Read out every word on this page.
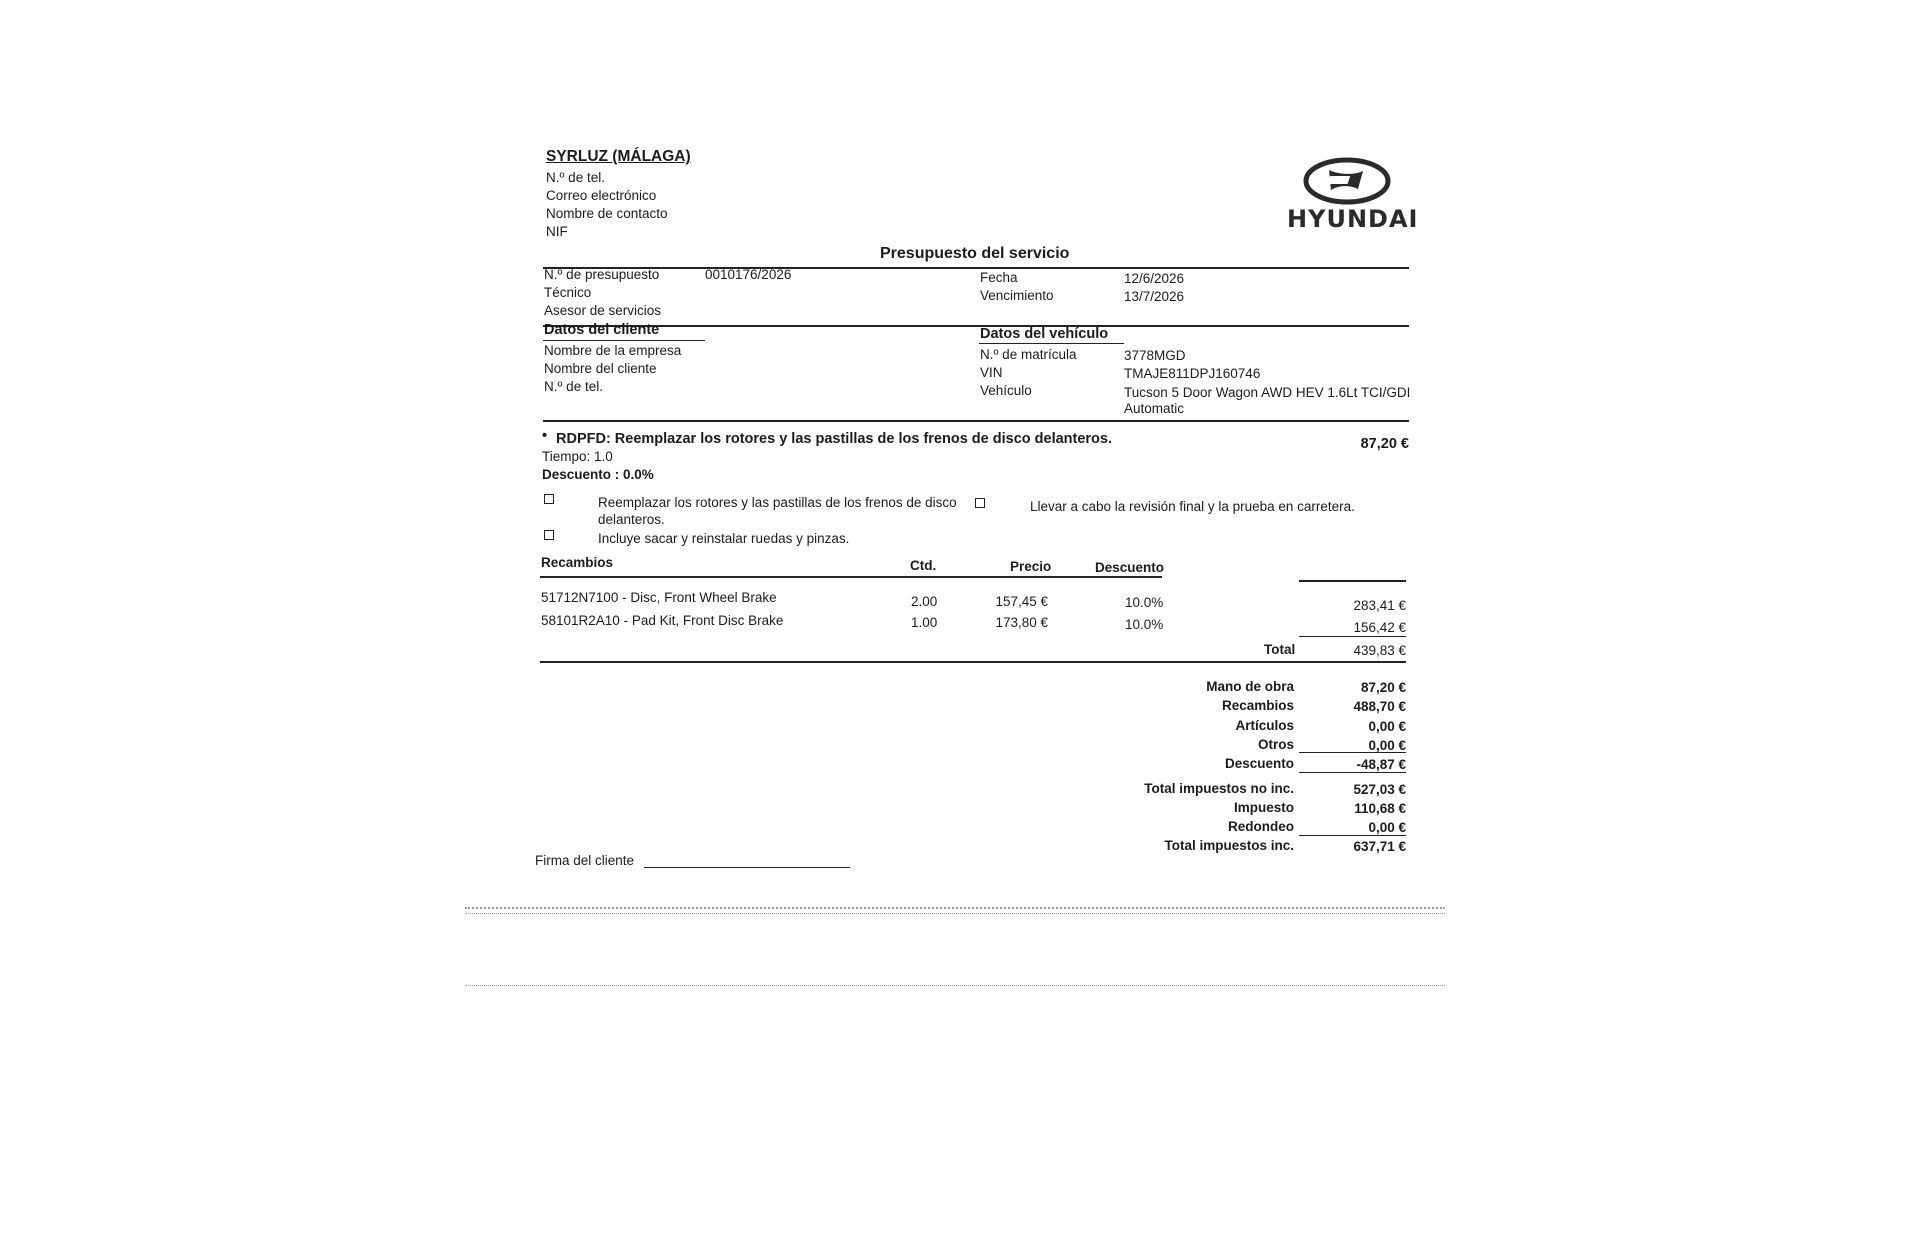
SYRLUZ (MÁLAGA)
N.º de tel.
Correo electrónico
Nombre de contacto
NIF	HYUNDAI
Presupuesto del servicio
N.º de presupuesto	0010176/2026
Técnico
Asesor de servicios
Fecha	12/6/2026
Vencimiento	13/7/2026
Datos del cliente	Datos del vehículo
Nombre de la empresa
Nombre del cliente
N.º de tel.
N.º de matrícula	3778MGD
VIN	TMAJE811DPJ160746
Vehículo	Tucson 5 Door Wagon AWD HEV 1.6Lt TCI/GDI
Automatic
• RDPFD: Reemplazar los rotores y las pastillas de los frenos de disco delanteros.	87,20 €
Tiempo: 1.0
Descuento : 0.0%
Reemplazar los rotores y las pastillas de los frenos de disco
delanteros.
Incluye sacar y reinstalar ruedas y pinzas.
Llevar a cabo la revisión final y la prueba en carretera.
Recambios	Ctd.	Precio	Descuento
51712N7100 - Disc, Front Wheel Brake	2.00	157,45 €	10.0%	283,41 €
58101R2A10 - Pad Kit, Front Disc Brake	1.00	173,80 €	10.0%	156,42 €
Total	439,83 €
Mano de obra	87,20 €
Recambios	488,70 €
Artículos	0,00 €
Otros	0,00 €
Descuento	-48,87 €
Total impuestos no inc.	527,03 €
Impuesto	110,68 €
Redondeo	0,00 €
Total impuestos inc.	637,71 €
Firma del cliente
